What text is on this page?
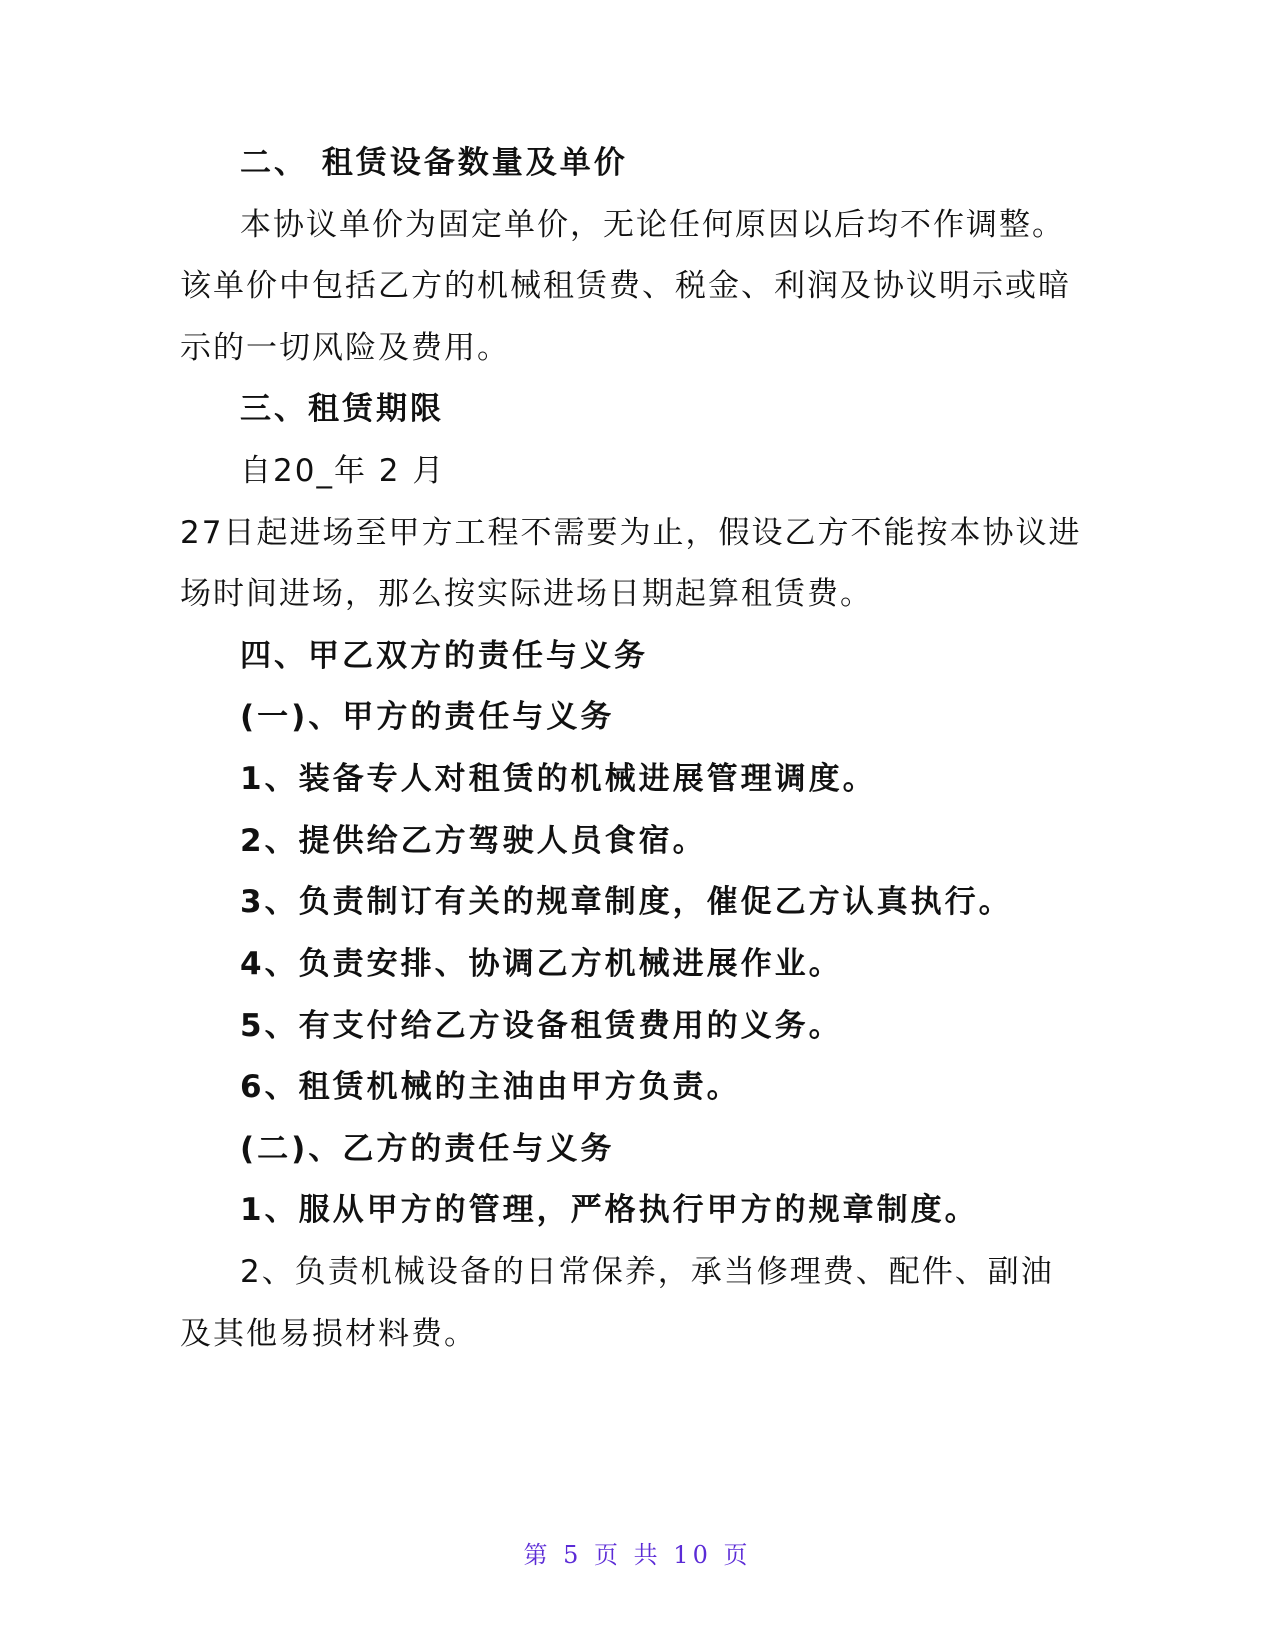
二、 租赁设备数量及单价
本协议单价为固定单价，无论任何原因以后均不作调整。
该单价中包括乙方的机械租赁费、税金、利润及协议明示或暗
示的一切风险及费用。
三、租赁期限
自20_年 2 月
27日起进场至甲方工程不需要为止，假设乙方不能按本协议进
场时间进场，那么按实际进场日期起算租赁费。
四、甲乙双方的责任与义务
(一)、甲方的责任与义务
1、装备专人对租赁的机械进展管理调度。
2、提供给乙方驾驶人员食宿。
3、负责制订有关的规章制度，催促乙方认真执行。
4、负责安排、协调乙方机械进展作业。
5、有支付给乙方设备租赁费用的义务。
6、租赁机械的主油由甲方负责。
(二)、乙方的责任与义务
1、服从甲方的管理，严格执行甲方的规章制度。
2、负责机械设备的日常保养，承当修理费、配件、副油
及其他易损材料费。
第 5 页 共 10 页
